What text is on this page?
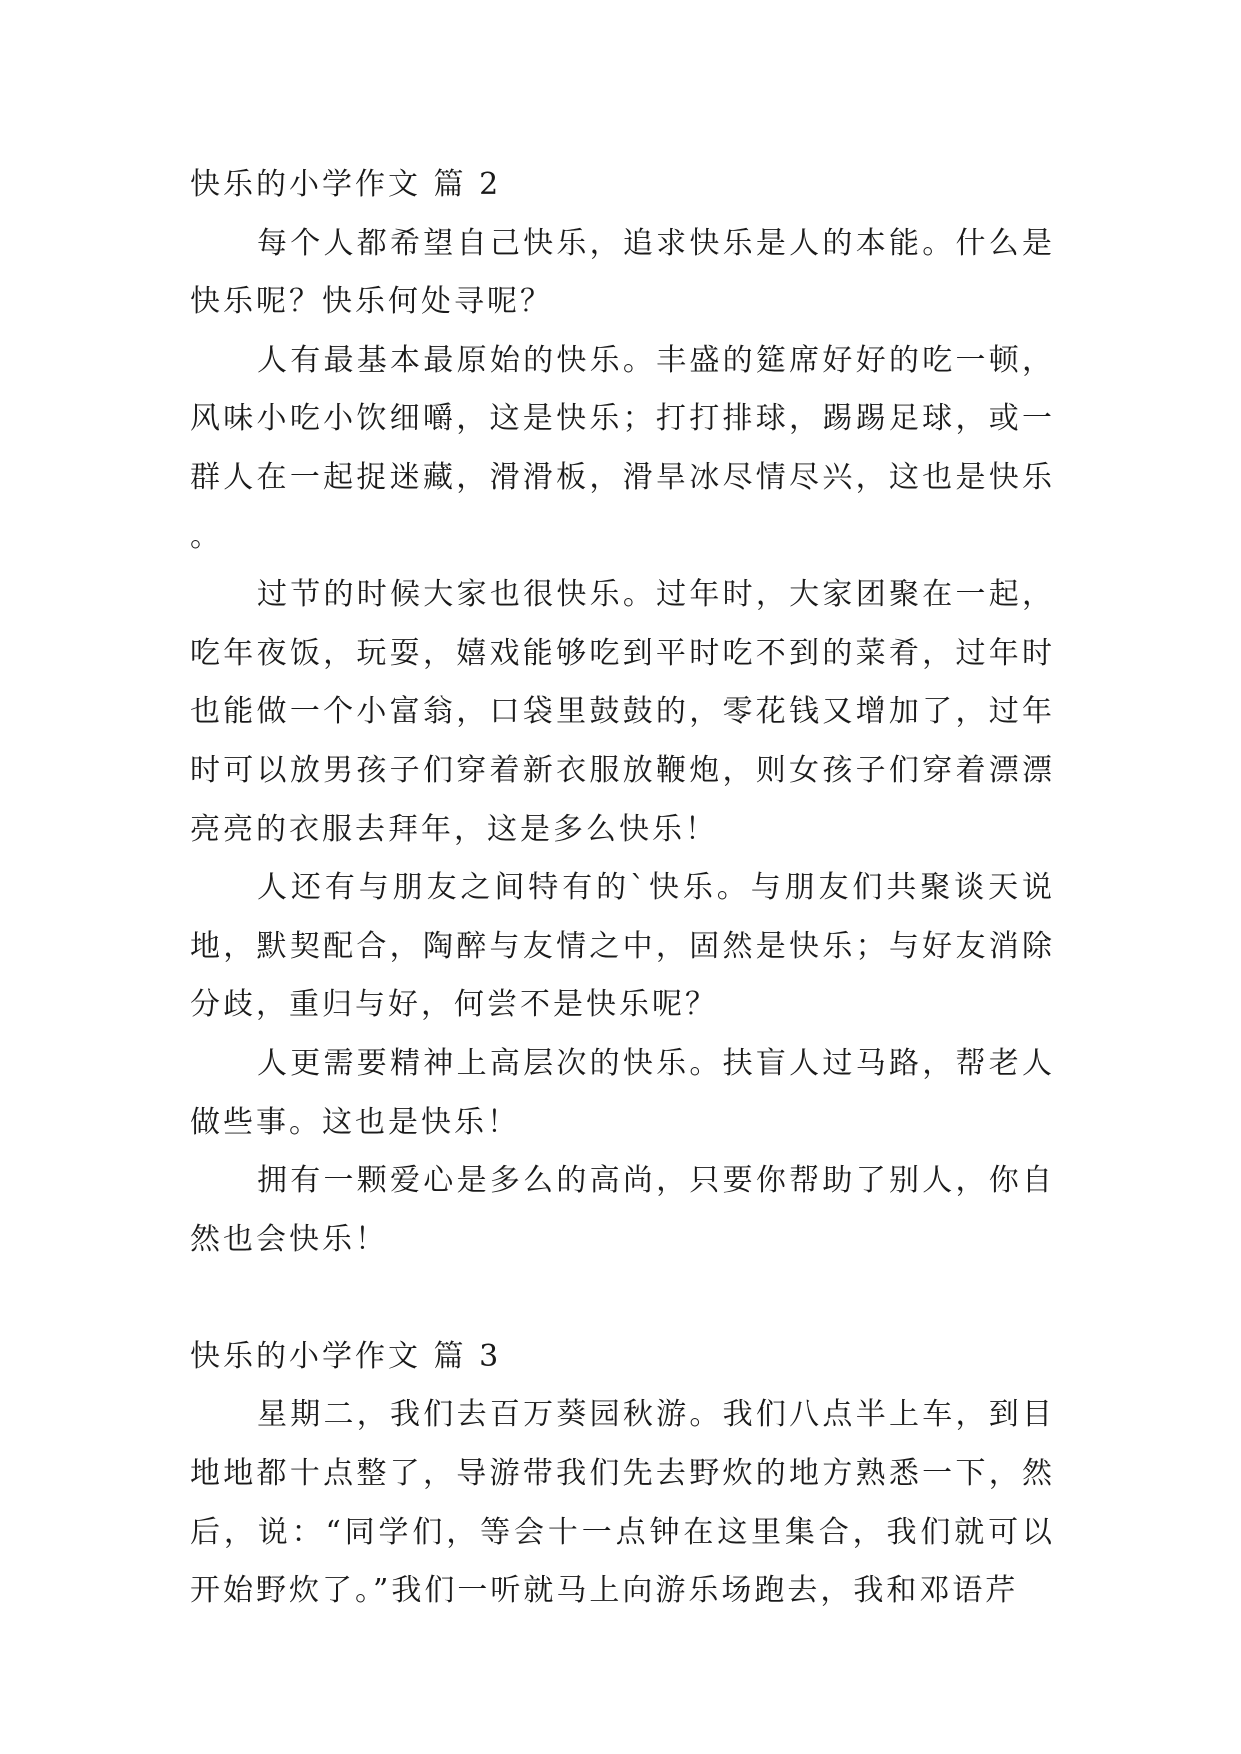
快乐的小学作文 篇 2

每个人都希望自己快乐，追求快乐是人的本能。什么是快乐呢？快乐何处寻呢？

人有最基本最原始的快乐。丰盛的筵席好好的吃一顿，风味小吃小饮细嚼，这是快乐；打打排球，踢踢足球，或一群人在一起捉迷藏，滑滑板，滑旱冰尽情尽兴，这也是快乐。

过节的时候大家也很快乐。过年时，大家团聚在一起，吃年夜饭，玩耍，嬉戏能够吃到平时吃不到的菜肴，过年时也能做一个小富翁，口袋里鼓鼓的，零花钱又增加了，过年时可以放男孩子们穿着新衣服放鞭炮，则女孩子们穿着漂漂亮亮的衣服去拜年，这是多么快乐！

人还有与朋友之间特有的`快乐。与朋友们共聚谈天说地，默契配合，陶醉与友情之中，固然是快乐；与好友消除分歧，重归与好，何尝不是快乐呢？

人更需要精神上高层次的快乐。扶盲人过马路，帮老人做些事。这也是快乐！

拥有一颗爱心是多么的高尚，只要你帮助了别人，你自然也会快乐！

快乐的小学作文 篇 3

星期二，我们去百万葵园秋游。我们八点半上车，到目地地都十点整了，导游带我们先去野炊的地方熟悉一下，然后，说：“同学们，等会十一点钟在这里集合，我们就可以开始野炊了。”我们一听就马上向游乐场跑去，我和邓语芹
